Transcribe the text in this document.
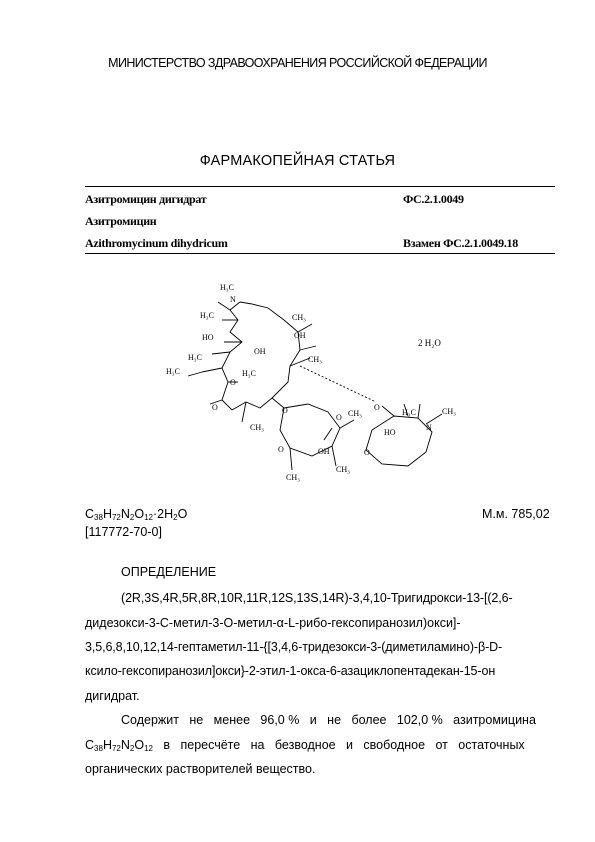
МИНИСТЕРСТВО ЗДРАВООХРАНЕНИЯ РОССИЙСКОЙ ФЕДЕРАЦИИ
ФАРМАКОПЕЙНАЯ СТАТЬЯ
Азитромицин дигидрат	ФС.2.1.0049
Азитромицин
Azithromycinum dihydricum	Взамен ФС.2.1.0049.18
H₃C
N
H₃C	CH₃
HO	OH
H₃C
OH
CH₃
H₃C	H₃C
O
O	O
CH₃
O CH₃
OH
O
CH₃
CH₃
O
H₃C
N
CH₃
O
HO
2 H₂O
$C_{38}H_{72}N_2O_{12}\cdot 2H_2O$	М.м. 785,02
[117772-70-0]
ОПРЕДЕЛЕНИЕ
(2R,3S,4R,5R,8R,10R,11R,12S,13S,14R)-3,4,10-Тригидрокси-13-[(2,6-
дидезокси-3-С-метил-3-О-метил-α-L-рибо-гексопиранозил)окси]-
3,5,6,8,10,12,14-гептаметил-11-{[3,4,6-тридезокси-3-(диметиламино)-β-D-
ксило-гексопиранозил]окси}-2-этил-1-окса-6-азациклопентадекан-15-он
дигидрат.
Содержит   не   менее   96,0 %   и   не   более   102,0 %   азитромицина
$C_{38}H_{72}N_2O_{12}$   в   пересчёте   на   безводное   и   свободное   от   остаточных
органических растворителей вещество.
